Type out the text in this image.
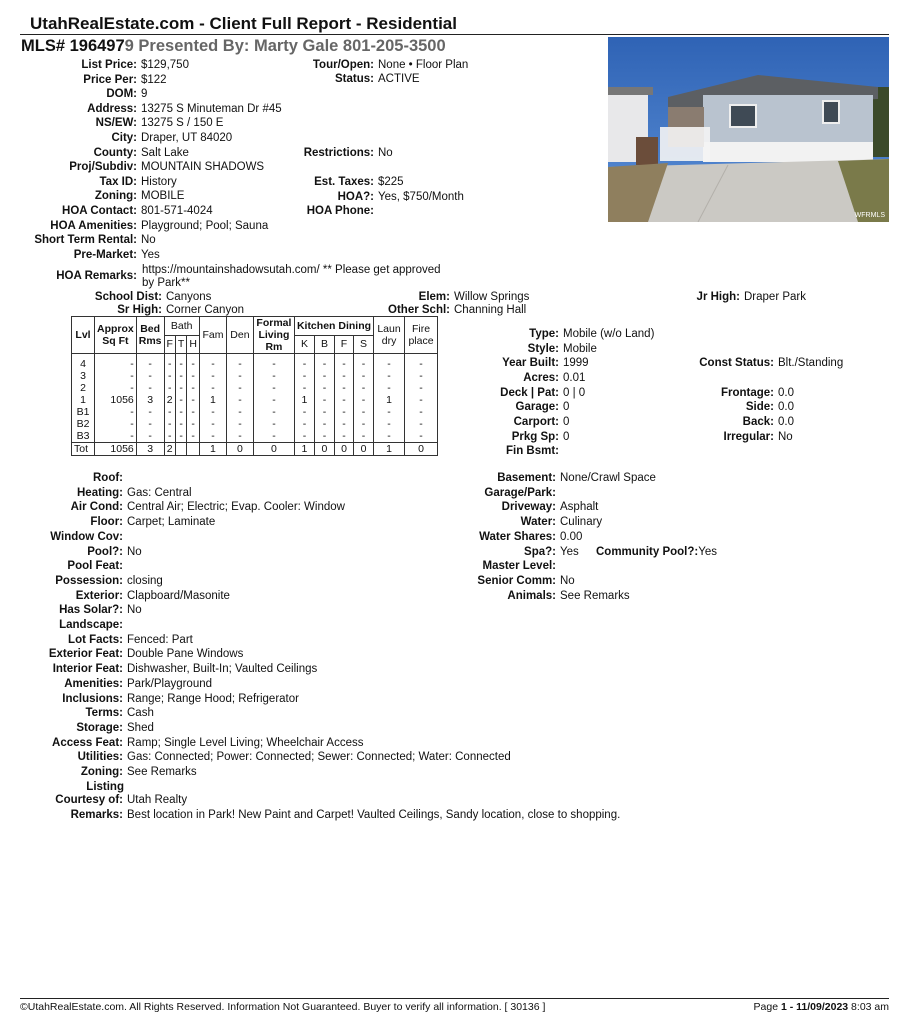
UtahRealEstate.com - Client Full Report - Residential
MLS# 1964979 Presented By: Marty Gale 801-205-3500
WFRMLS
List Price: $129,750
Price Per: $122
DOM: 9
Address: 13275 S Minuteman Dr #45
NS/EW: 13275 S / 150 E
City: Draper, UT 84020
County: Salt Lake
Proj/Subdiv: MOUNTAIN SHADOWS
Tax ID: History
Zoning: MOBILE
HOA Contact: 801-571-4024
HOA Amenities: Playground; Pool; Sauna
Short Term Rental: No
Pre-Market: Yes
Tour/Open: None • Floor Plan
Status: ACTIVE
Restrictions: No
Est. Taxes: $225
HOA?: Yes, $750/Month
HOA Phone:
HOA Remarks: https://mountainshadowsutah.com/ ** Please get approved
by Park**
School Dist: Canyons
Sr High: Corner Canyon
Elem: Willow Springs
Other Schl: Channing Hall
Jr High: Draper Park
Lvl	Approx Sq Ft	Bed Rms	Bath			Fam	Den	Formal Living Rm	Kitchen Dining				Laun dry	Fire place
			F	T	H				K	B	F	S		

4	-	-	-	-	-	-	-	-	-	-	-	-	-	-
3	-	-	-	-	-	-	-	-	-	-	-	-	-	-
2	-	-	-	-	-	-	-	-	-	-	-	-	-	-
1	1056	3	2	-	-	1	-	-	1	-	-	-	1	-
B1	-	-	-	-	-	-	-	-	-	-	-	-	-	-
B2	-	-	-	-	-	-	-	-	-	-	-	-	-	-
B3	-	-	-	-	-	-	-	-	-	-	-	-	-	-
Tot	1056	3	2			1	0	0	1	0	0	0	1	0
Type: Mobile (w/o Land)
Style: Mobile
Year Built: 1999
Acres: 0.01
Deck | Pat: 0 | 0
Garage: 0
Carport: 0
Prkg Sp: 0
Fin Bsmt:
Const Status: Blt./Standing
Frontage: 0.0
Side: 0.0
Back: 0.0
Irregular: No
Roof:
Heating: Gas: Central
Air Cond: Central Air; Electric; Evap. Cooler: Window
Floor: Carpet; Laminate
Window Cov:
Pool?: No
Pool Feat:
Possession: closing
Exterior: Clapboard/Masonite
Has Solar?: No
Landscape:
Lot Facts: Fenced: Part
Exterior Feat: Double Pane Windows
Interior Feat: Dishwasher, Built-In; Vaulted Ceilings
Amenities: Park/Playground
Inclusions: Range; Range Hood; Refrigerator
Terms: Cash
Storage: Shed
Access Feat: Ramp; Single Level Living; Wheelchair Access
Utilities: Gas: Connected; Power: Connected; Sewer: Connected; Water: Connected
Zoning: See Remarks
Basement: None/Crawl Space
Garage/Park:
Driveway: Asphalt
Water: Culinary
Water Shares: 0.00
Spa?: Yes
Master Level:
Senior Comm: No
Animals: See Remarks
Community Pool?:Yes
Listing
Courtesy of: Utah Realty
Remarks: Best location in Park! New Paint and Carpet! Vaulted Ceilings, Sandy location, close to shopping.
©UtahRealEstate.com. All Rights Reserved. Information Not Guaranteed. Buyer to verify all information. [ 30136 ]	Page 1 - 11/09/2023 8:03 am
